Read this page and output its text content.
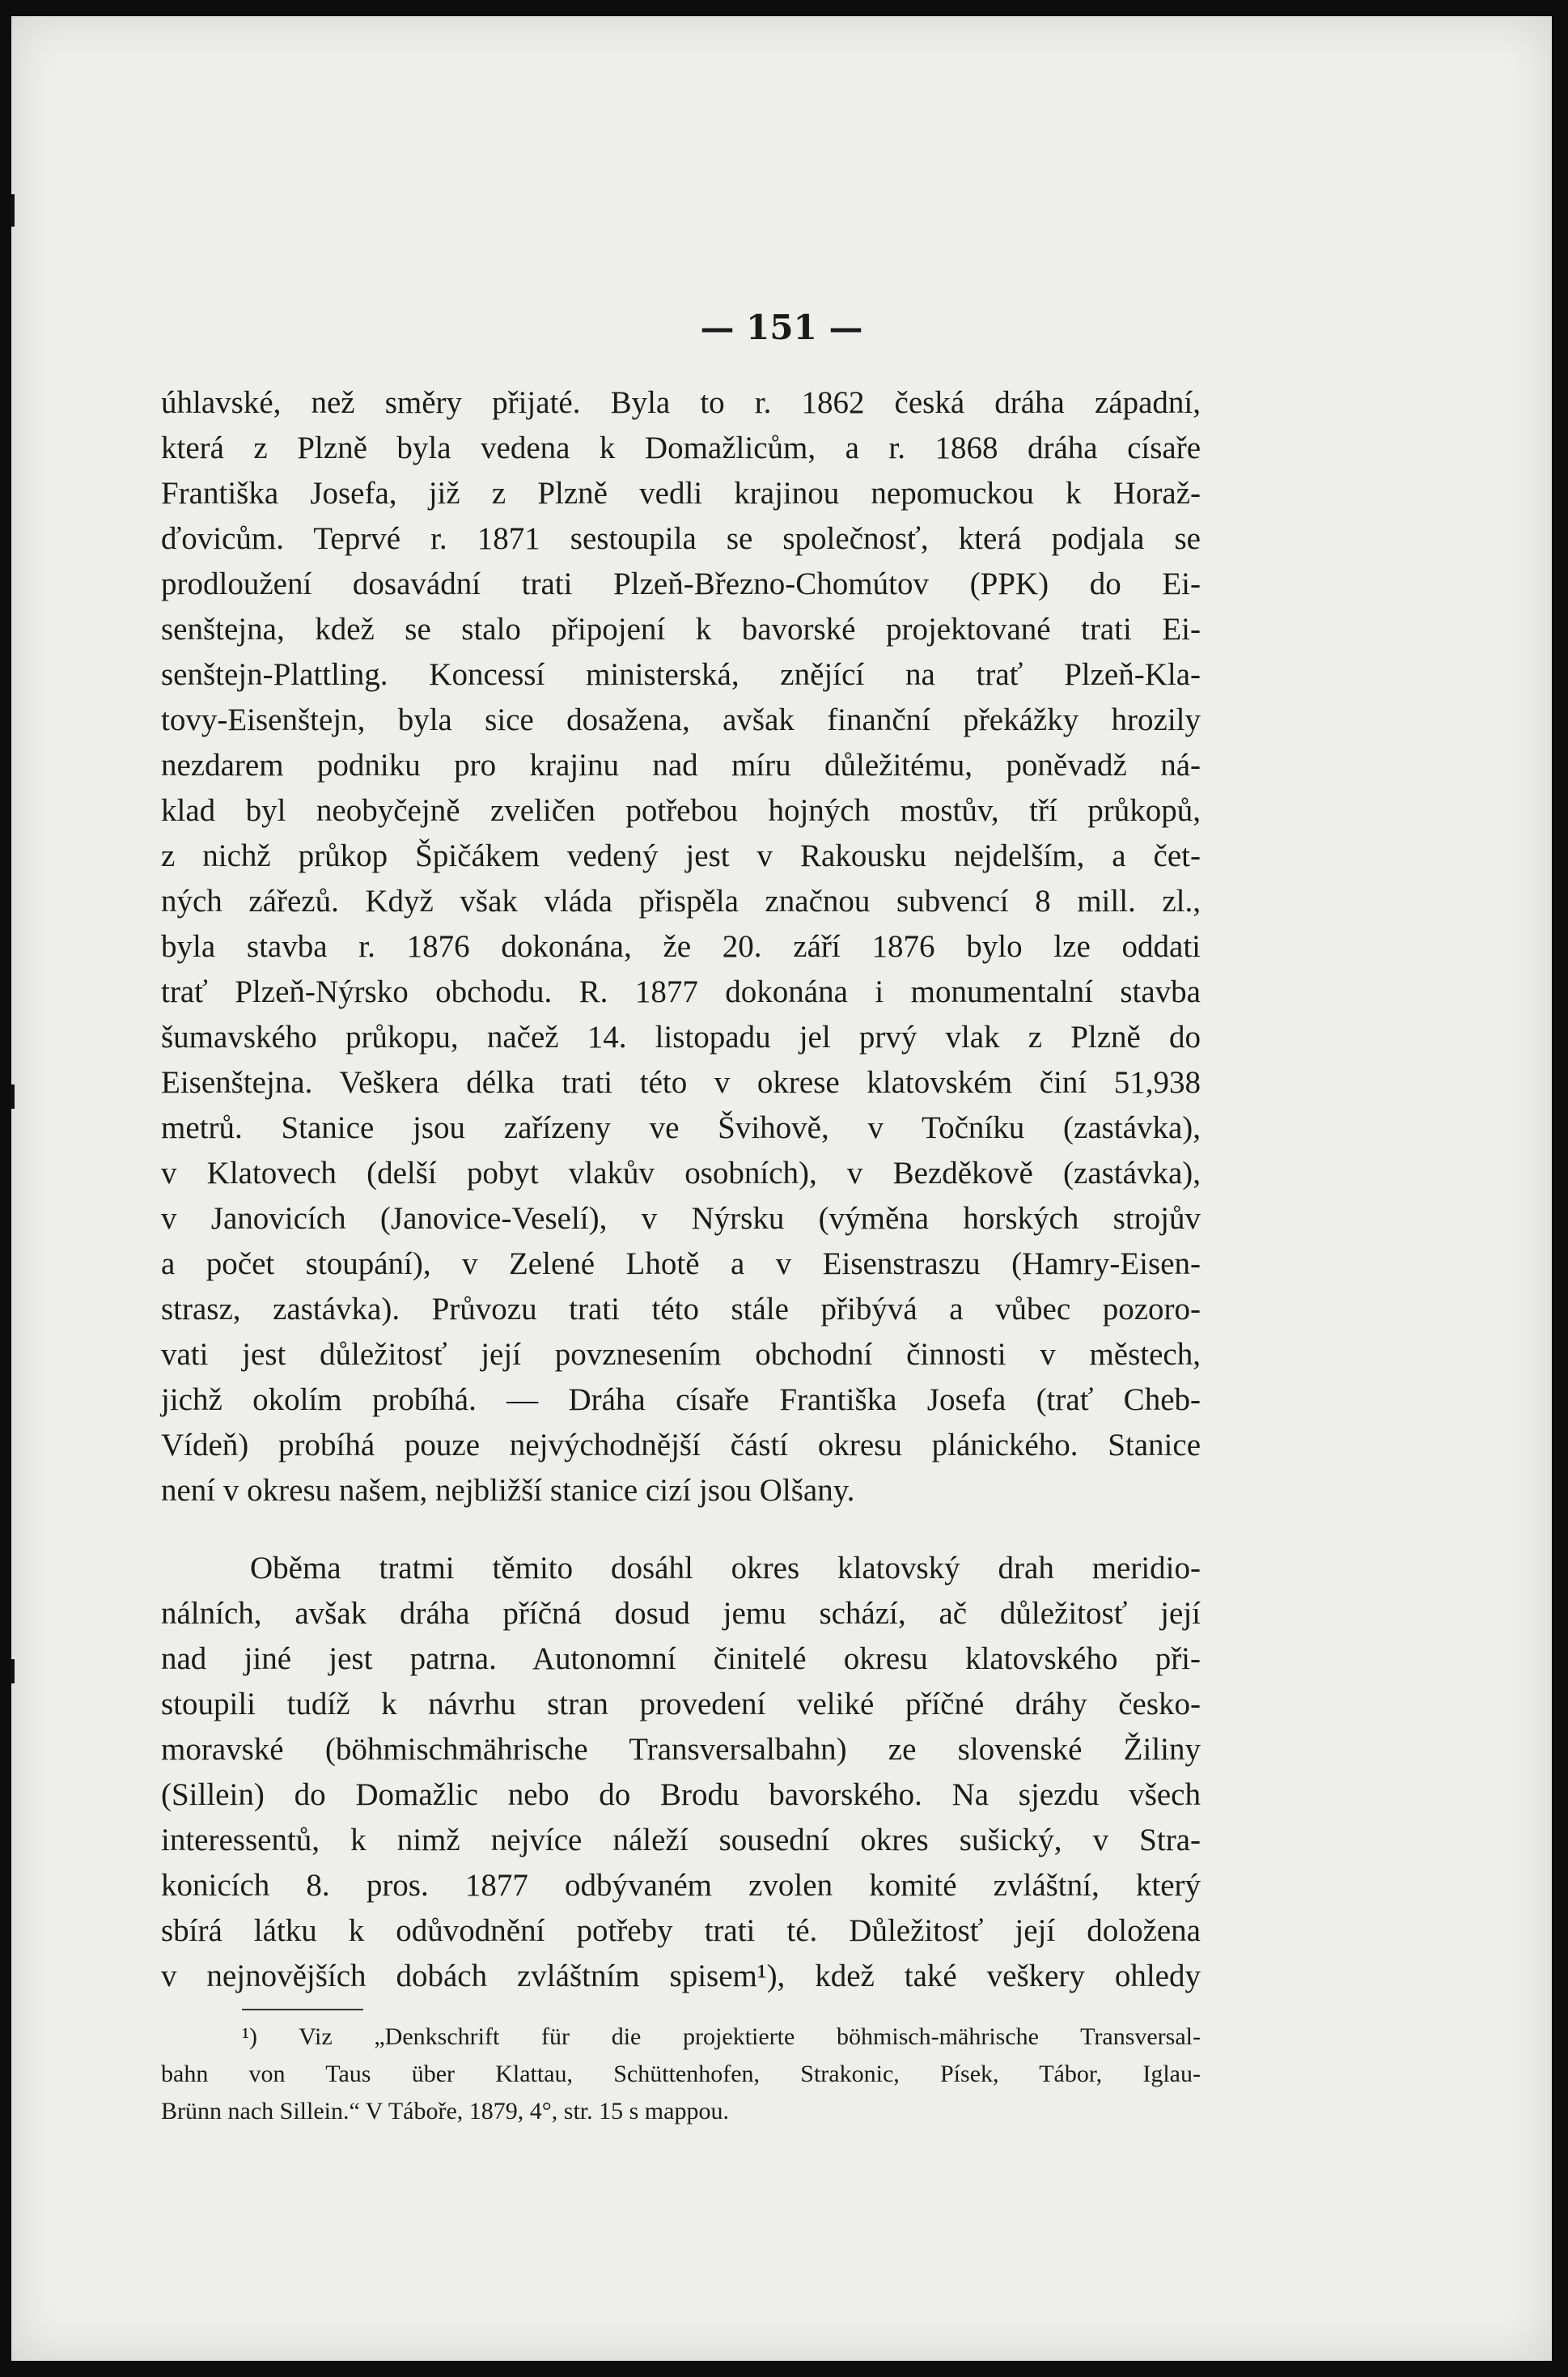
— 151 —
úhlavské, než směry přijaté. Byla to r. 1862 česká dráha západní,
která z Plzně byla vedena k Domažlicům, a r. 1868 dráha císaře
Františka Josefa, již z Plzně vedli krajinou nepomuckou k Horaž-
ďovicům. Teprvé r. 1871 sestoupila se společnosť, která podjala se
prodloužení dosavádní trati Plzeň-Březno-Chomútov (PPK) do Ei-
senštejna, kdež se stalo připojení k bavorské projektované trati Ei-
senštejn-Plattling. Koncessí ministerská, znějící na trať Plzeň-Kla-
tovy-Eisenštejn, byla sice dosažena, avšak finanční překážky hrozily
nezdarem podniku pro krajinu nad míru důležitému, poněvadž ná-
klad byl neobyčejně zveličen potřebou hojných mostův, tří průkopů,
z nichž průkop Špičákem vedený jest v Rakousku nejdelším, a čet-
ných zářezů. Když však vláda přispěla značnou subvencí 8 mill. zl.,
byla stavba r. 1876 dokonána, že 20. září 1876 bylo lze oddati
trať Plzeň-Nýrsko obchodu. R. 1877 dokonána i monumentalní stavba
šumavského průkopu, načež 14. listopadu jel prvý vlak z Plzně do
Eisenštejna. Veškera délka trati této v okrese klatovském činí 51,938
metrů. Stanice jsou zařízeny ve Švihově, v Točníku (zastávka),
v Klatovech (delší pobyt vlakův osobních), v Bezděkově (zastávka),
v Janovicích (Janovice-Veselí), v Nýrsku (výměna horských strojův
a počet stoupání), v Zelené Lhotě a v Eisenstraszu (Hamry-Eisen-
strasz, zastávka). Průvozu trati této stále přibývá a vůbec pozoro-
vati jest důležitosť její povznesením obchodní činnosti v městech,
jichž okolím probíhá. — Dráha císaře Františka Josefa (trať Cheb-
Vídeň) probíhá pouze nejvýchodnější částí okresu plánického. Stanice
není v okresu našem, nejbližší stanice cizí jsou Olšany.
Oběma tratmi těmito dosáhl okres klatovský drah meridio-
nálních, avšak dráha příčná dosud jemu schází, ač důležitosť její
nad jiné jest patrna. Autonomní činitelé okresu klatovského při-
stoupili tudíž k návrhu stran provedení veliké příčné dráhy česko-
moravské (böhmischmährische Transversalbahn) ze slovenské Žiliny
(Sillein) do Domažlic nebo do Brodu bavorského. Na sjezdu všech
interessentů, k nimž nejvíce náleží sousední okres sušický, v Stra-
konicích 8. pros. 1877 odbývaném zvolen komité zvláštní, který
sbírá látku k odůvodnění potřeby trati té. Důležitosť její doložena
v nejnovějších dobách zvláštním spisem¹), kdež také veškery ohledy
¹) Viz „Denkschrift für die projektierte böhmisch-mährische Transversal-
bahn von Taus über Klattau, Schüttenhofen, Strakonic, Písek, Tábor, Iglau-
Brünn nach Sillein.“ V Táboře, 1879, 4°, str. 15 s mappou.
